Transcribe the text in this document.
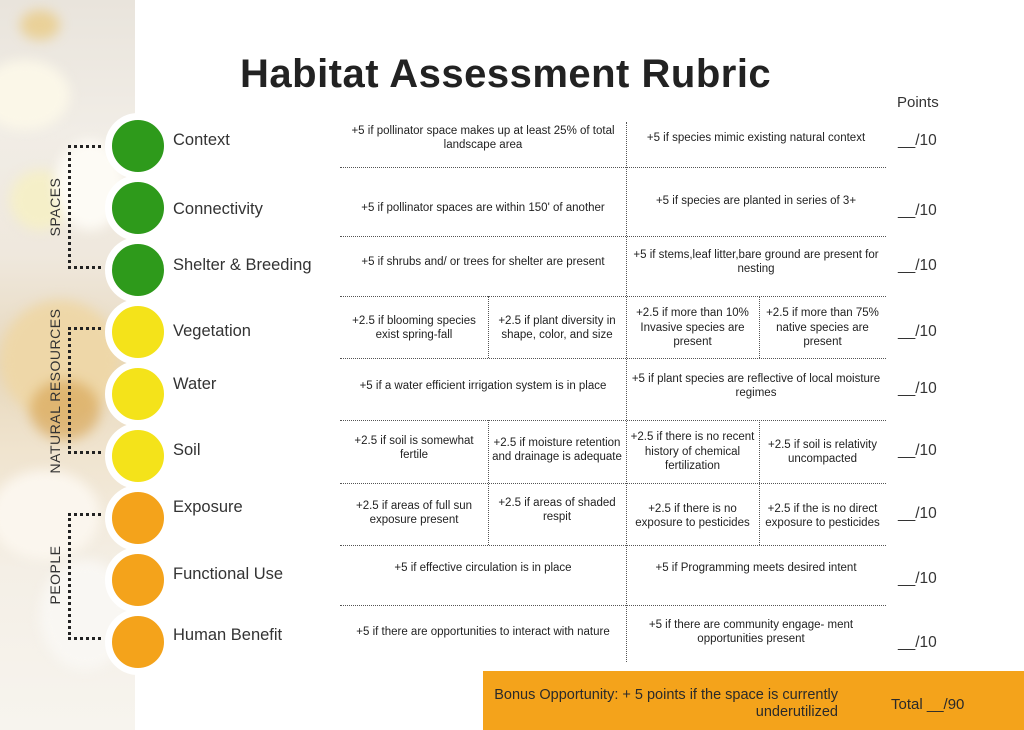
Habitat Assessment Rubric
Points
SPACES
NATURAL RESOURCES
PEOPLE
Context
Connectivity
Shelter & Breeding
Vegetation
Water
Soil
Exposure
Functional Use
Human Benefit
+5 if pollinator space makes up at least 25% of total landscape area
+5 if species mimic existing natural context
+5 if pollinator spaces are within 150' of another
+5 if species are planted in series of 3+
+5 if shrubs and/ or trees for shelter are present
+5 if stems,leaf litter,bare ground are present for nesting
+2.5 if blooming species exist spring-fall
+2.5 if plant diversity in shape, color, and size
+2.5 if more than 10% Invasive species are present
+2.5 if more than 75% native species are present
+5 if a water efficient irrigation system is in place
+5 if plant species are reflective of local moisture regimes
+2.5 if soil is somewhat fertile
+2.5 if moisture retention and drainage is adequate
+2.5 if there is no recent history of chemical fertilization
+2.5 if soil is relativity uncompacted
+2.5 if areas of full sun exposure present
+2.5 if areas of shaded respit
+2.5 if there is no exposure to pesticides
+2.5 if the is no direct exposure to pesticides
+5 if effective circulation is in place	+5 if Programming meets desired intent
+5 if there are opportunities to interact with nature
+5 if there are community engage- ment opportunities present
__/10
__/10
__/10
__/10
__/10
__/10
__/10
__/10
__/10
Bonus Opportunity: + 5 points if the space is currently underutilized	Total __/90
